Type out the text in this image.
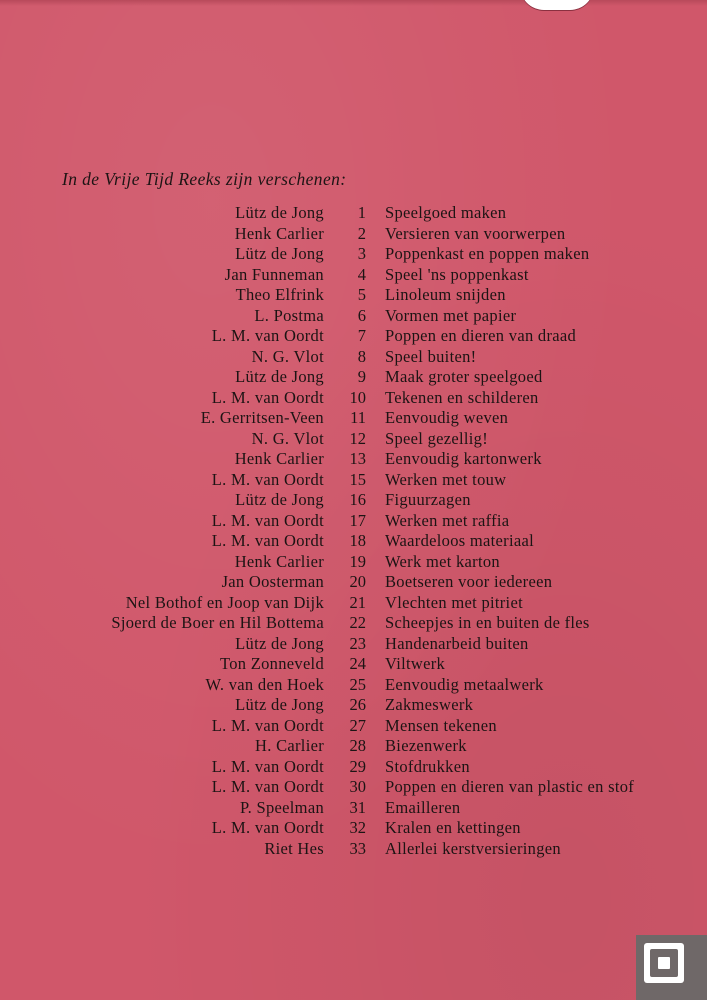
In de Vrije Tijd Reeks zijn verschenen:
Lütz de Jong	1 Speelgoed maken
Henk Carlier	2 Versieren van voorwerpen
Lütz de Jong	3 Poppenkast en poppen maken
Jan Funneman	4 Speel 'ns poppenkast
Theo Elfrink	5 Linoleum snijden
L. Postma	6 Vormen met papier
L. M. van Oordt	7 Poppen en dieren van draad
N. G. Vlot	8 Speel buiten!
Lütz de Jong	9 Maak groter speelgoed
L. M. van Oordt	10 Tekenen en schilderen
E. Gerritsen-Veen	11 Eenvoudig weven
N. G. Vlot	12 Speel gezellig!
Henk Carlier	13 Eenvoudig kartonwerk
L. M. van Oordt	15 Werken met touw
Lütz de Jong	16 Figuurzagen
L. M. van Oordt	17 Werken met raffia
L. M. van Oordt	18 Waardeloos materiaal
Henk Carlier	19 Werk met karton
Jan Oosterman	20 Boetseren voor iedereen
Nel Bothof en Joop van Dijk	21 Vlechten met pitriet
Sjoerd de Boer en Hil Bottema	22 Scheepjes in en buiten de fles
Lütz de Jong	23 Handenarbeid buiten
Ton Zonneveld	24 Viltwerk
W. van den Hoek	25 Eenvoudig metaalwerk
Lütz de Jong	26 Zakmeswerk
L. M. van Oordt	27 Mensen tekenen
H. Carlier	28 Biezenwerk
L. M. van Oordt	29 Stofdrukken
L. M. van Oordt	30 Poppen en dieren van plastic en stof
P. Speelman	31 Emailleren
L. M. van Oordt	32 Kralen en kettingen
Riet Hes	33 Allerlei kerstversieringen
